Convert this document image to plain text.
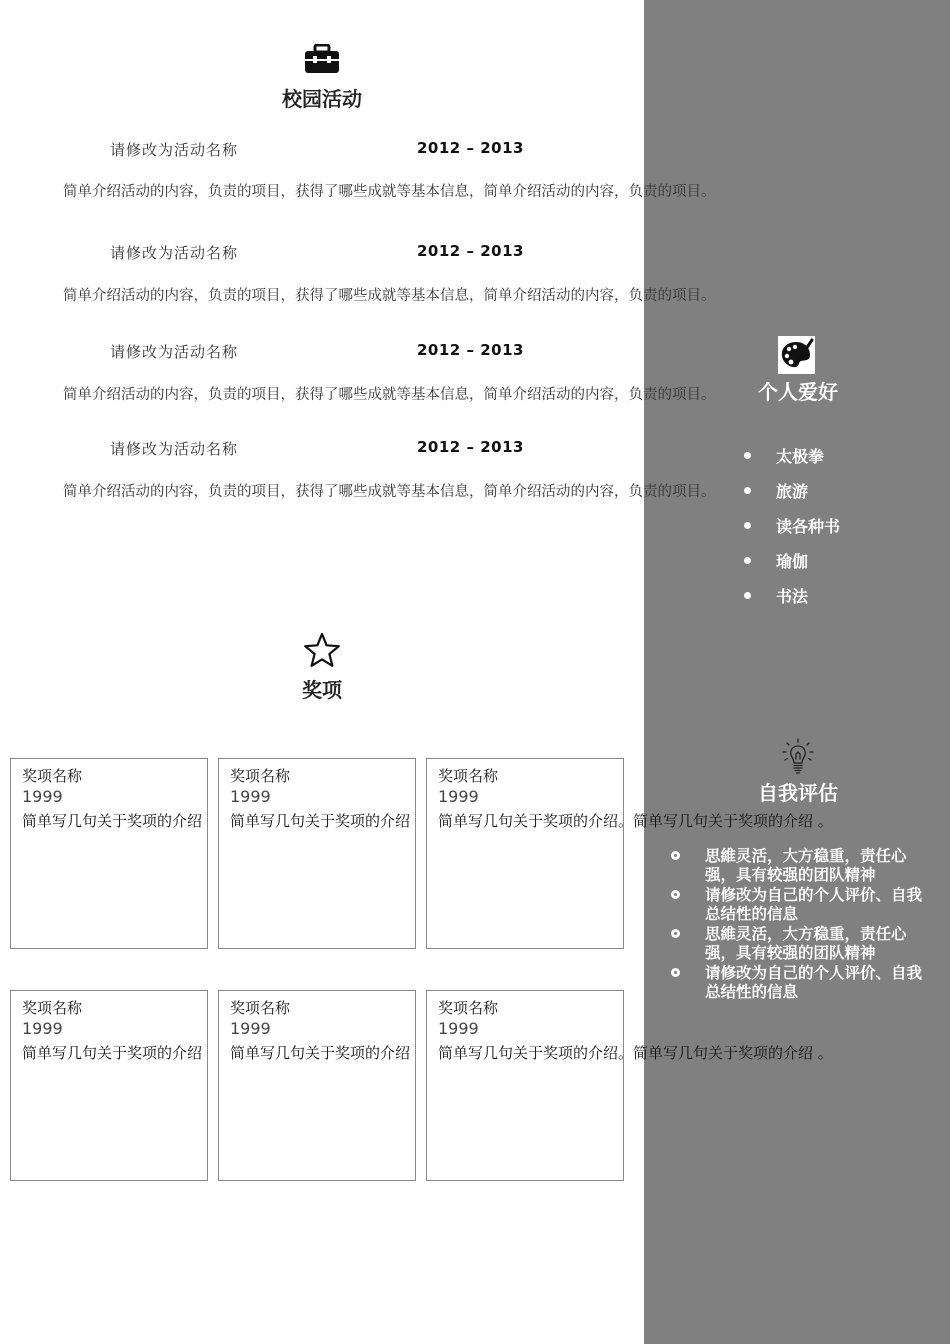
校园活动
请修改为活动名称	2012 – 2013
简单介绍活动的内容，负责的项目，获得了哪些成就等基本信息，简单介绍活动的内容，负责的项目。
请修改为活动名称	2012 – 2013
简单介绍活动的内容，负责的项目，获得了哪些成就等基本信息，简单介绍活动的内容，负责的项目。
请修改为活动名称	2012 – 2013
简单介绍活动的内容，负责的项目，获得了哪些成就等基本信息，简单介绍活动的内容，负责的项目。
请修改为活动名称	2012 – 2013
简单介绍活动的内容，负责的项目，获得了哪些成就等基本信息，简单介绍活动的内容，负责的项目。
个人爱好
太极拳
旅游
读各种书
瑜伽
书法
奖项
奖项名称
1999
简单写几句关于奖项的介绍
奖项名称
1999
简单写几句关于奖项的介绍
奖项名称
1999
简单写几句关于奖项的介绍。简单写几句关于奖项的介绍 。
奖项名称
1999
简单写几句关于奖项的介绍
奖项名称
1999
简单写几句关于奖项的介绍
奖项名称
1999
简单写几句关于奖项的介绍。简单写几句关于奖项的介绍 。
自我评估
思維灵活，大方稳重，责任心强，具有较强的团队精神
请修改为自己的个人评价、自我总结性的信息
思維灵活，大方稳重，责任心强，具有较强的团队精神
请修改为自己的个人评价、自我总结性的信息
